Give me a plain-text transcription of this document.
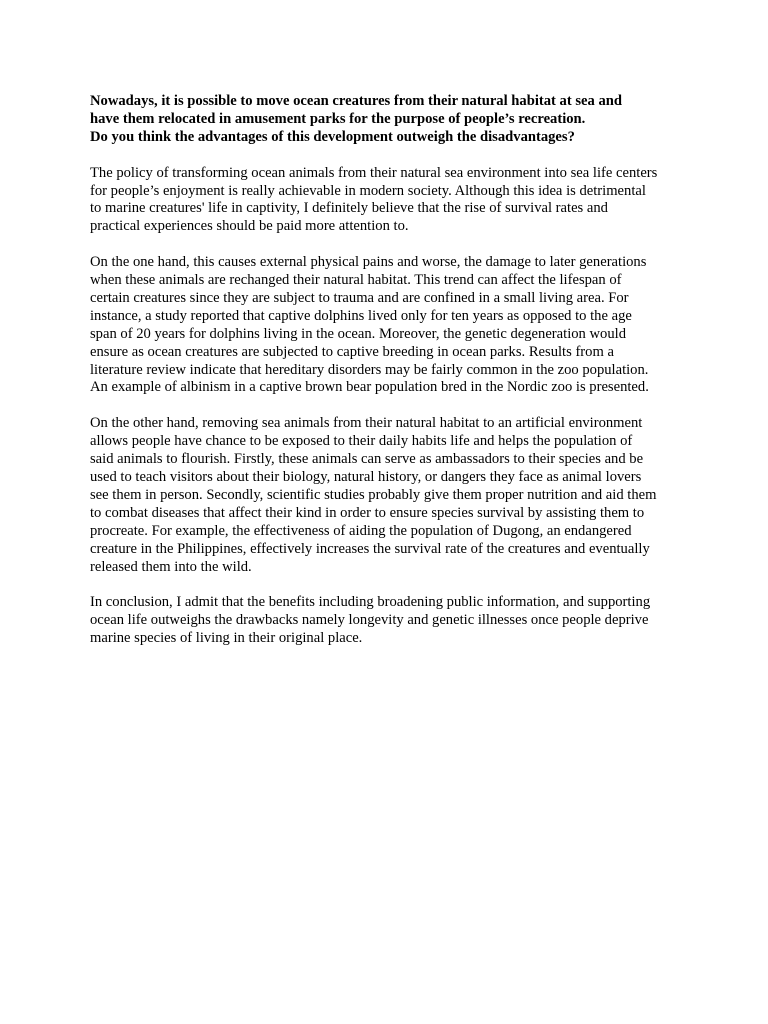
Nowadays, it is possible to move ocean creatures from their natural habitat at sea and
have them relocated in amusement parks for the purpose of people’s recreation.
Do you think the advantages of this development outweigh the disadvantages?
The policy of transforming ocean animals from their natural sea environment into sea life centers
for people’s enjoyment is really achievable in modern society. Although this idea is detrimental
to marine creatures' life in captivity, I definitely believe that the rise of survival rates and
practical experiences should be paid more attention to.
On the one hand, this causes external physical pains and worse, the damage to later generations
when these animals are rechanged their natural habitat. This trend can affect the lifespan of
certain creatures since they are subject to trauma and are confined in a small living area. For
instance, a study reported that captive dolphins lived only for ten years as opposed to the age
span of 20 years for dolphins living in the ocean. Moreover, the genetic degeneration would
ensure as ocean creatures are subjected to captive breeding in ocean parks. Results from a
literature review indicate that hereditary disorders may be fairly common in the zoo population.
An example of albinism in a captive brown bear population bred in the Nordic zoo is presented.
On the other hand, removing sea animals from their natural habitat to an artificial environment
allows people have chance to be exposed to their daily habits life and helps the population of
said animals to flourish. Firstly, these animals can serve as ambassadors to their species and be
used to teach visitors about their biology, natural history, or dangers they face as animal lovers
see them in person. Secondly, scientific studies probably give them proper nutrition and aid them
to combat diseases that affect their kind in order to ensure species survival by assisting them to
procreate. For example, the effectiveness of aiding the population of Dugong, an endangered
creature in the Philippines, effectively increases the survival rate of the creatures and eventually
released them into the wild.
In conclusion, I admit that the benefits including broadening public information, and supporting
ocean life outweighs the drawbacks namely longevity and genetic illnesses once people deprive
marine species of living in their original place.
